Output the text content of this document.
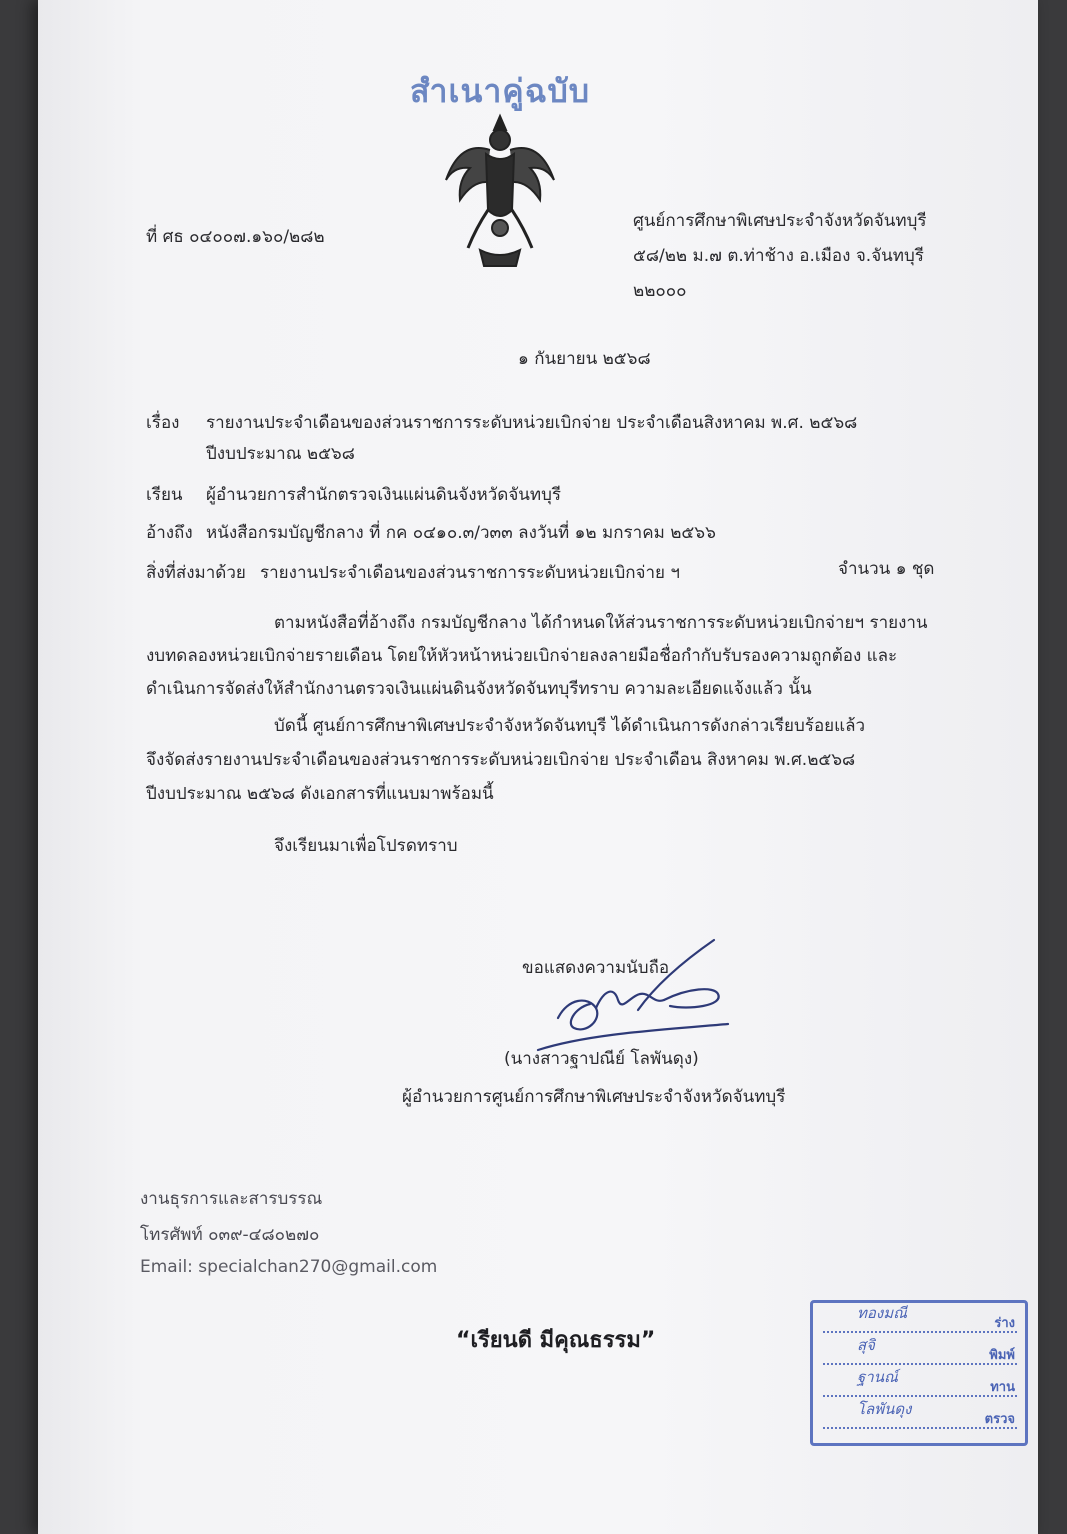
สำเนาคู่ฉบับ
ที่ ศธ ๐๔๐๐๗.๑๖๐/๒๘๒
ศูนย์การศึกษาพิเศษประจำจังหวัดจันทบุรี
๕๘/๒๒ ม.๗ ต.ท่าช้าง อ.เมือง จ.จันทบุรี
๒๒๐๐๐
๑ กันยายน ๒๕๖๘
เรื่อง รายงานประจำเดือนของส่วนราชการระดับหน่วยเบิกจ่าย ประจำเดือนสิงหาคม พ.ศ. ๒๕๖๘
ปีงบประมาณ ๒๕๖๘
เรียน ผู้อำนวยการสำนักตรวจเงินแผ่นดินจังหวัดจันทบุรี
อ้างถึง หนังสือกรมบัญชีกลาง ที่ กค ๐๔๑๐.๓/ว๓๓ ลงวันที่ ๑๒ มกราคม ๒๕๖๖
สิ่งที่ส่งมาด้วย รายงานประจำเดือนของส่วนราชการระดับหน่วยเบิกจ่าย ฯ	จำนวน ๑ ชุด
ตามหนังสือที่อ้างถึง กรมบัญชีกลาง ได้กำหนดให้ส่วนราชการระดับหน่วยเบิกจ่ายฯ รายงาน
งบทดลองหน่วยเบิกจ่ายรายเดือน โดยให้หัวหน้าหน่วยเบิกจ่ายลงลายมือชื่อกำกับรับรองความถูกต้อง และ
ดำเนินการจัดส่งให้สำนักงานตรวจเงินแผ่นดินจังหวัดจันทบุรีทราบ ความละเอียดแจ้งแล้ว นั้น
บัดนี้ ศูนย์การศึกษาพิเศษประจำจังหวัดจันทบุรี ได้ดำเนินการดังกล่าวเรียบร้อยแล้ว
จึงจัดส่งรายงานประจำเดือนของส่วนราชการระดับหน่วยเบิกจ่าย ประจำเดือน สิงหาคม พ.ศ.๒๕๖๘
ปีงบประมาณ ๒๕๖๘ ดังเอกสารที่แนบมาพร้อมนี้
จึงเรียนมาเพื่อโปรดทราบ
ขอแสดงความนับถือ
(นางสาวฐาปณีย์ โลพันดุง)
ผู้อำนวยการศูนย์การศึกษาพิเศษประจำจังหวัดจันทบุรี
งานธุรการและสารบรรณ
โทรศัพท์ ๐๓๙-๔๘๐๒๗๐
Email: specialchan270@gmail.com
“เรียนดี มีคุณธรรม”
ทองมณี
ร่าง
สุจิ
พิมพ์
ฐานณ์
ทาน
โลพันดุง
ตรวจ
